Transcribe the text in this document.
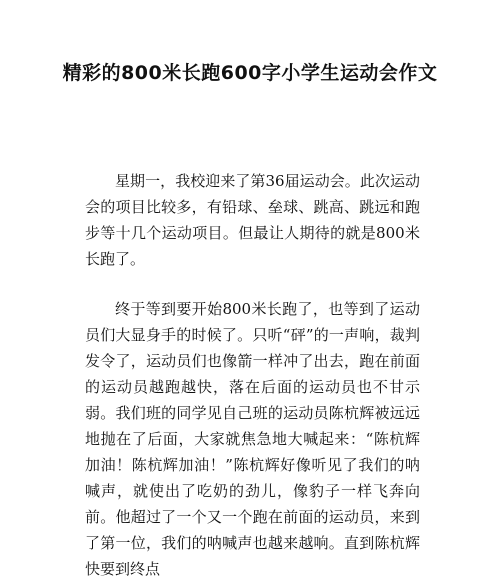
精彩的800米长跑600字小学生运动会作文
星期一，我校迎来了第36届运动会。此次运动会的项目比较多，有铅球、垒球、跳高、跳远和跑步等十几个运动项目。但最让人期待的就是800米长跑了。
终于等到要开始800米长跑了，也等到了运动员们大显身手的时候了。只听“砰”的一声响，裁判发令了，运动员们也像箭一样冲了出去，跑在前面的运动员越跑越快，落在后面的运动员也不甘示弱。我们班的同学见自己班的运动员陈杭辉被远远地抛在了后面，大家就焦急地大喊起来：“陈杭辉加油！陈杭辉加油！”陈杭辉好像听见了我们的呐喊声，就使出了吃奶的劲儿，像豹子一样飞奔向前。他超过了一个又一个跑在前面的运动员，来到了第一位，我们的呐喊声也越来越响。直到陈杭辉快要到终点
